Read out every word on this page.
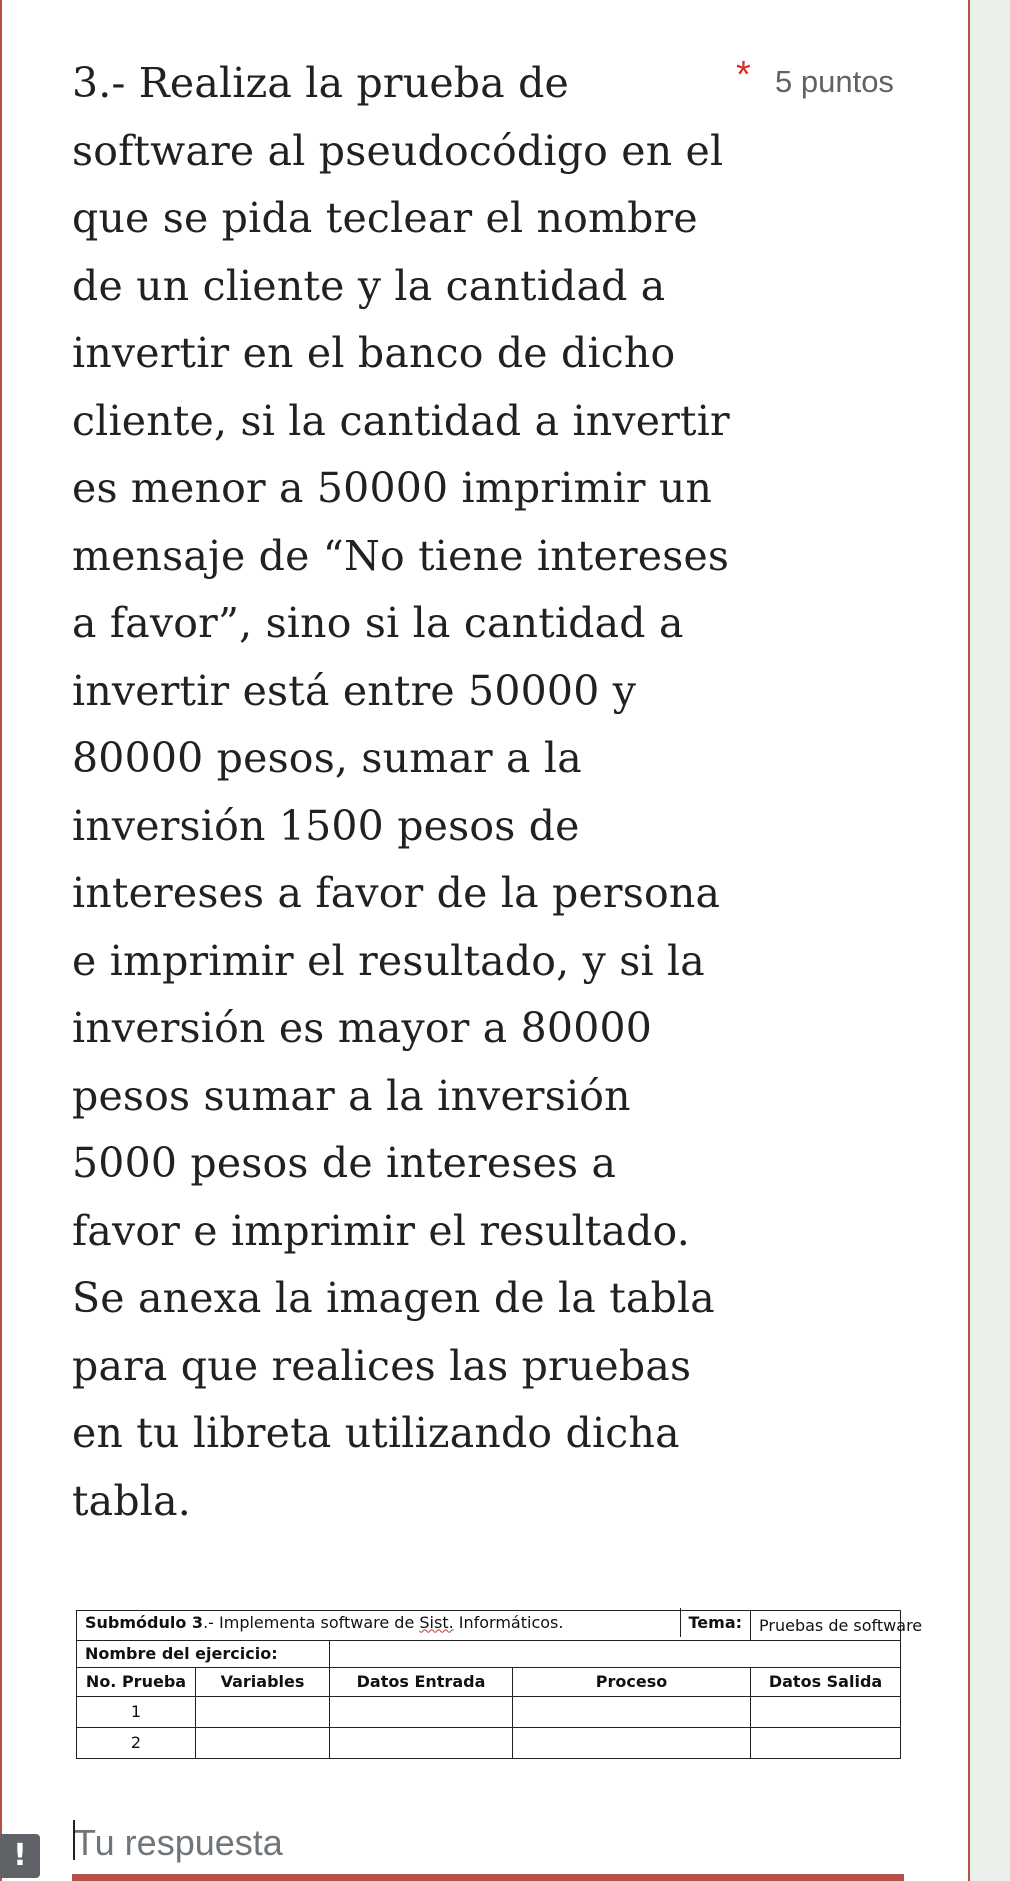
3.- Realiza la prueba de software al pseudocódigo en el que se pida teclear el nombre de un cliente y la cantidad a invertir en el banco de dicho cliente, si la cantidad a invertir es menor a 50000 imprimir un mensaje de “No tiene intereses a favor”, sino si la cantidad a invertir está entre 50000 y 80000 pesos, sumar a la inversión 1500 pesos de intereses a favor de la persona e imprimir el resultado, y si la inversión es mayor a 80000 pesos sumar a la inversión 5000 pesos de intereses a favor e imprimir el resultado. Se anexa la imagen de la tabla para que realices las pruebas en tu libreta utilizando dicha tabla.

* 5 puntos
Submódulo 3.- Implementa software de Sist. Informáticos. Tema:				Pruebas de software
Nombre del ejercicio:				
No. Prueba	Variables	Datos Entrada	Proceso	Datos Salida
1				
2				
Tu respuesta
!
